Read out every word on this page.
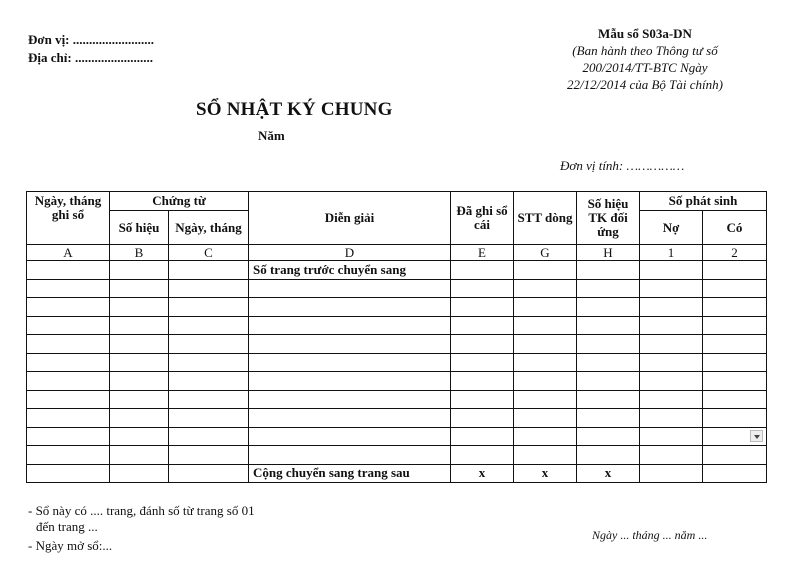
Đơn vị: .........................
Địa chỉ: ........................
Mẫu sổ S03a-DN
(Ban hành theo Thông tư số
200/2014/TT-BTC Ngày
22/12/2014 của Bộ Tài chính)
SỔ NHẬT KÝ CHUNG
Năm
Đơn vị tính: ……………
Ngày, tháng ghi sổ	Chứng từ		Diễn giải	Đã ghi sổ cái	STT dòng	Số hiệu TK đối ứng	Số phát sinh	
	Số hiệu	Ngày, tháng					Nợ	Có
A	B	C	D	E	G	H	1	2
			Số trang trước chuyển sang					

			Cộng chuyển sang trang sau	x	x	x		
- Sổ này có .... trang, đánh số từ trang số 01
đến trang ...
- Ngày mở sổ:...
Ngày ... tháng ... năm ...
